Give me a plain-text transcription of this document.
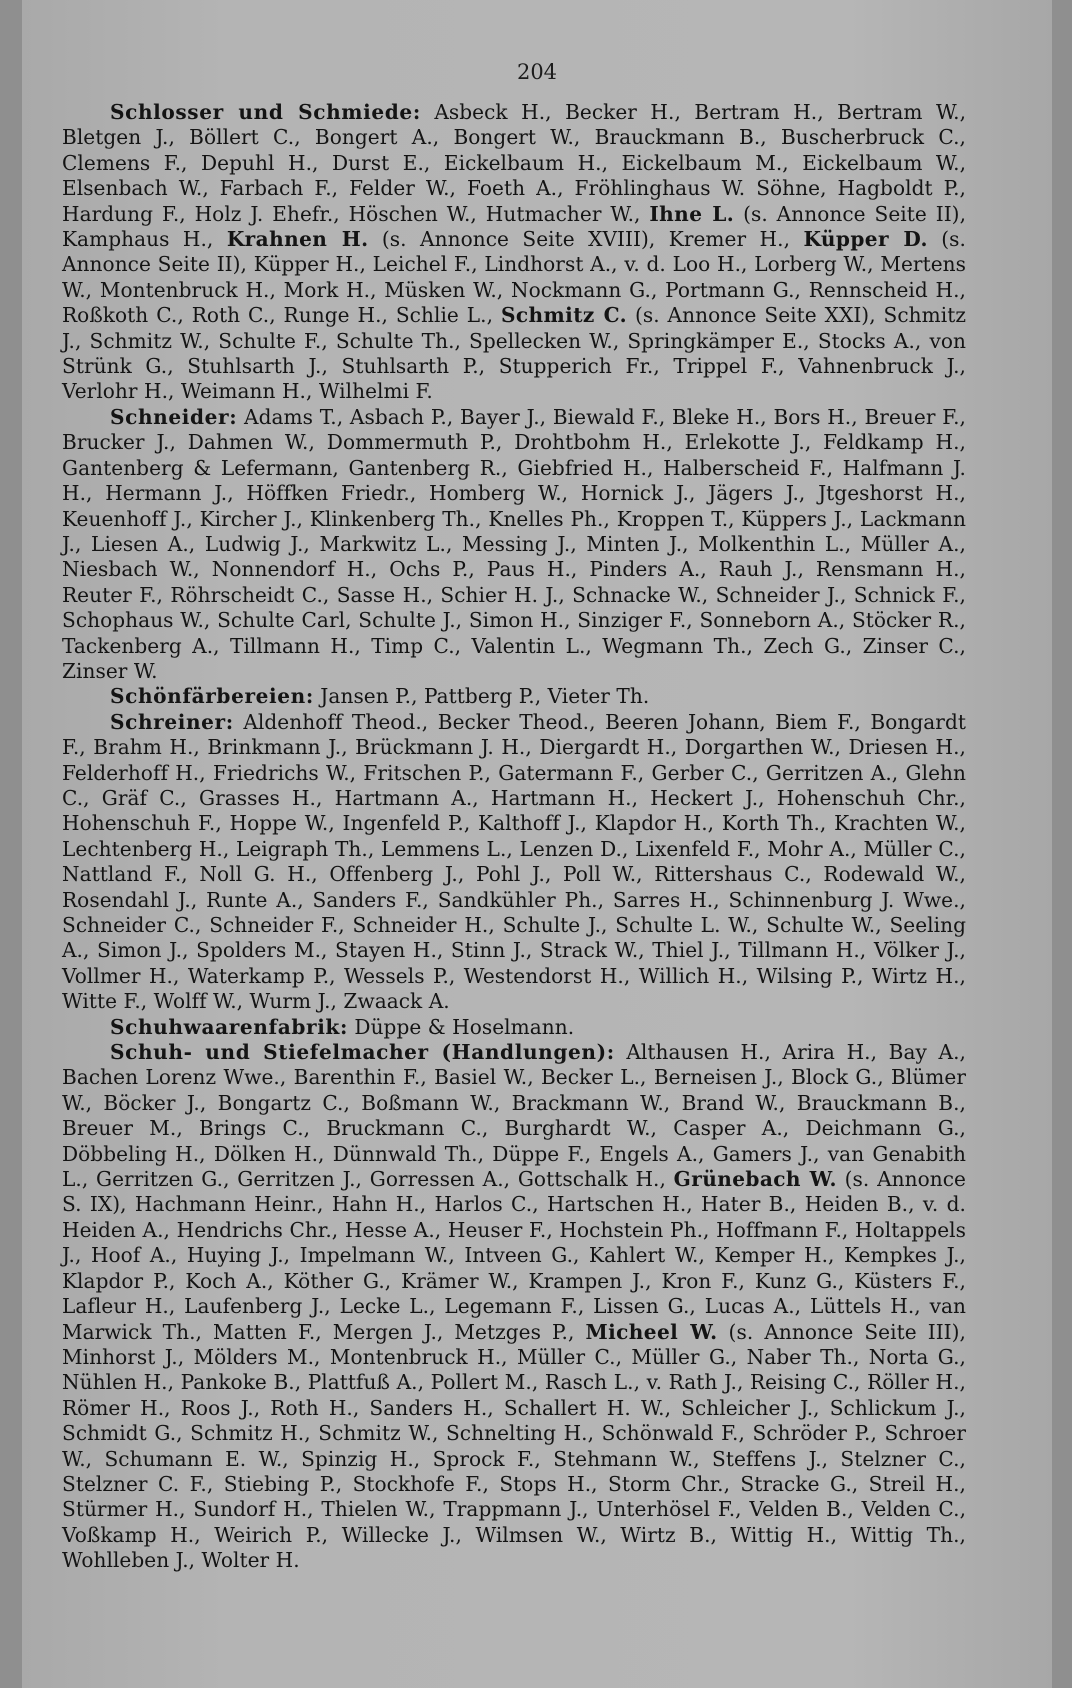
204

Schlosser und Schmiede: Asbeck H., Becker H., Bertram H., Bertram W., Bletgen J., Böllert C., Bongert A., Bongert W., Brauckmann B., Buscherbruck C., Clemens F., Depuhl H., Durst E., Eickelbaum H., Eickelbaum M., Eickelbaum W., Elsenbach W., Farbach F., Felder W., Foeth A., Fröhlinghaus W. Söhne, Hagboldt P., Hardung F., Holz J. Ehefr., Höschen W., Hutmacher W., Ihne L. (s. Annonce Seite II), Kamphaus H., Krahnen H. (s. Annonce Seite XVIII), Kremer H., Küpper D. (s. Annonce Seite II), Küpper H., Leichel F., Lindhorst A., v. d. Loo H., Lorberg W., Mertens W., Montenbruck H., Mork H., Müsken W., Nockmann G., Portmann G., Rennscheid H., Roßkoth C., Roth C., Runge H., Schlie L., Schmitz C. (s. Annonce Seite XXI), Schmitz J., Schmitz W., Schulte F., Schulte Th., Spellecken W., Springkämper E., Stocks A., von Strünk G., Stuhlsarth J., Stuhlsarth P., Stupperich Fr., Trippel F., Vahnenbruck J., Verlohr H., Weimann H., Wilhelmi F.

Schneider: Adams T., Asbach P., Bayer J., Biewald F., Bleke H., Bors H., Breuer F., Brucker J., Dahmen W., Dommermuth P., Drohtbohm H., Erlekotte J., Feldkamp H., Gantenberg & Lefermann, Gantenberg R., Giebfried H., Halberscheid F., Halfmann J. H., Hermann J., Höffken Friedr., Homberg W., Hornick J., Jägers J., Jtgeshorst H., Keuenhoff J., Kircher J., Klinkenberg Th., Knelles Ph., Kroppen T., Küppers J., Lackmann J., Liesen A., Ludwig J., Markwitz L., Messing J., Minten J., Molkenthin L., Müller A., Niesbach W., Nonnendorf H., Ochs P., Paus H., Pinders A., Rauh J., Rensmann H., Reuter F., Röhrscheidt C., Sasse H., Schier H. J., Schnacke W., Schneider J., Schnick F., Schophaus W., Schulte Carl, Schulte J., Simon H., Sinziger F., Sonneborn A., Stöcker R., Tackenberg A., Tillmann H., Timp C., Valentin L., Wegmann Th., Zech G., Zinser C., Zinser W.

Schönfärbereien: Jansen P., Pattberg P., Vieter Th.

Schreiner: Aldenhoff Theod., Becker Theod., Beeren Johann, Biem F., Bongardt F., Brahm H., Brinkmann J., Brückmann J. H., Diergardt H., Dorgarthen W., Driesen H., Felderhoff H., Friedrichs W., Fritschen P., Gatermann F., Gerber C., Gerritzen A., Glehn C., Gräf C., Grasses H., Hartmann A., Hartmann H., Heckert J., Hohenschuh Chr., Hohenschuh F., Hoppe W., Ingenfeld P., Kalthoff J., Klapdor H., Korth Th., Krachten W., Lechtenberg H., Leigraph Th., Lemmens L., Lenzen D., Lixenfeld F., Mohr A., Müller C., Nattland F., Noll G. H., Offenberg J., Pohl J., Poll W., Rittershaus C., Rodewald W., Rosendahl J., Runte A., Sanders F., Sandkühler Ph., Sarres H., Schinnenburg J. Wwe., Schneider C., Schneider F., Schneider H., Schulte J., Schulte L. W., Schulte W., Seeling A., Simon J., Spolders M., Stayen H., Stinn J., Strack W., Thiel J., Tillmann H., Völker J., Vollmer H., Waterkamp P., Wessels P., Westendorst H., Willich H., Wilsing P., Wirtz H., Witte F., Wolff W., Wurm J., Zwaack A.

Schuhwaarenfabrik: Düppe & Hoselmann.

Schuh- und Stiefelmacher (Handlungen): Althausen H., Arira H., Bay A., Bachen Lorenz Wwe., Barenthin F., Basiel W., Becker L., Berneisen J., Block G., Blümer W., Böcker J., Bongartz C., Boßmann W., Brackmann W., Brand W., Brauckmann B., Breuer M., Brings C., Bruckmann C., Burghardt W., Casper A., Deichmann G., Döbbeling H., Dölken H., Dünnwald Th., Düppe F., Engels A., Gamers J., van Genabith L., Gerritzen G., Gerritzen J., Gorressen A., Gottschalk H., Grünebach W. (s. Annonce S. IX), Hachmann Heinr., Hahn H., Harlos C., Hartschen H., Hater B., Heiden B., v. d. Heiden A., Hendrichs Chr., Hesse A., Heuser F., Hochstein Ph., Hoffmann F., Holtappels J., Hoof A., Huying J., Impelmann W., Intveen G., Kahlert W., Kemper H., Kempkes J., Klapdor P., Koch A., Köther G., Krämer W., Krampen J., Kron F., Kunz G., Küsters F., Lafleur H., Laufenberg J., Lecke L., Legemann F., Lissen G., Lucas A., Lüttels H., van Marwick Th., Matten F., Mergen J., Metzges P., Micheel W. (s. Annonce Seite III), Minhorst J., Mölders M., Montenbruck H., Müller C., Müller G., Naber Th., Norta G., Nühlen H., Pankoke B., Plattfuß A., Pollert M., Rasch L., v. Rath J., Reising C., Röller H., Römer H., Roos J., Roth H., Sanders H., Schallert H. W., Schleicher J., Schlickum J., Schmidt G., Schmitz H., Schmitz W., Schnelting H., Schönwald F., Schröder P., Schroer W., Schumann E. W., Spinzig H., Sprock F., Stehmann W., Steffens J., Stelzner C., Stelzner C. F., Stiebing P., Stockhofe F., Stops H., Storm Chr., Stracke G., Streil H., Stürmer H., Sundorf H., Thielen W., Trappmann J., Unterhösel F., Velden B., Velden C., Voßkamp H., Weirich P., Willecke J., Wilmsen W., Wirtz B., Wittig H., Wittig Th., Wohlleben J., Wolter H.
